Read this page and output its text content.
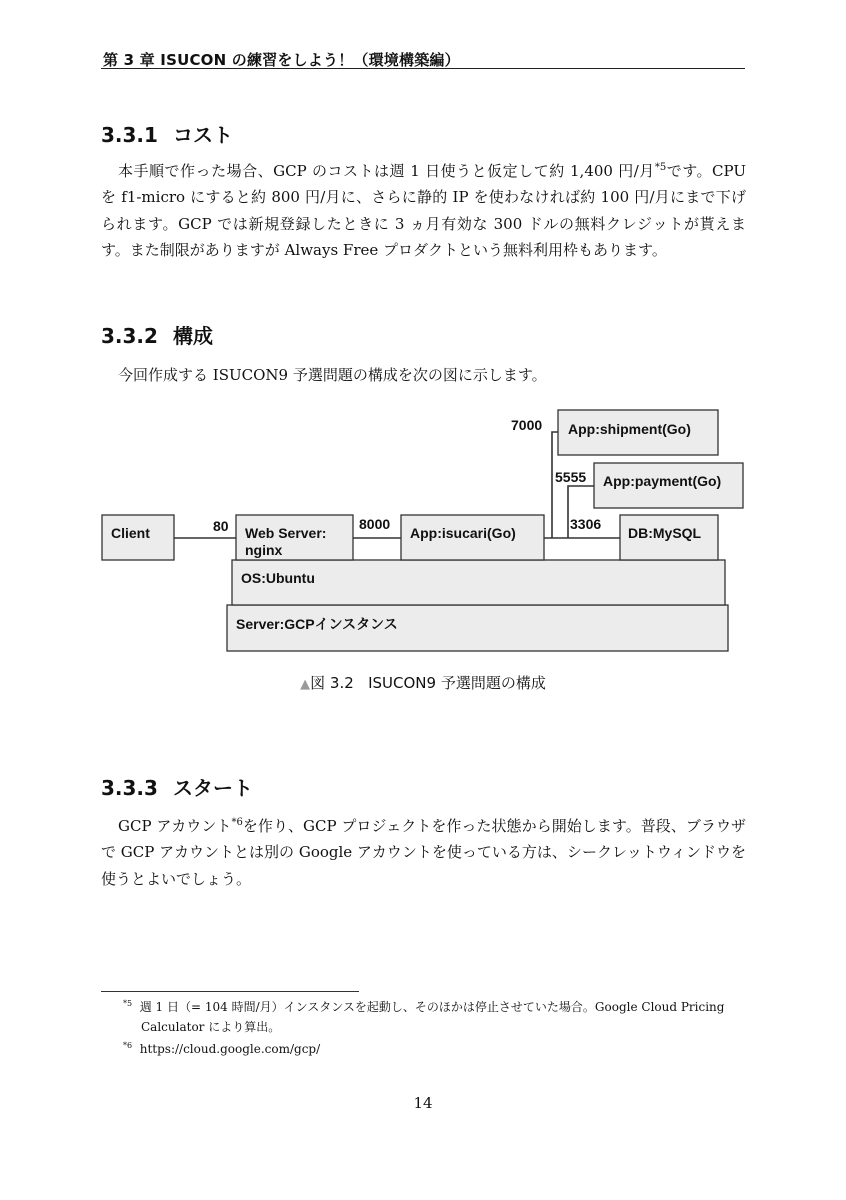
第 3 章 ISUCON の練習をしよう！（環境構築編）
3.3.1 コスト

本手順で作った場合、GCP のコストは週 1 日使うと仮定して約 1,400 円/月$^{*5}$です。CPU を f1-micro にすると約 800 円/月に、さらに静的 IP を使わなければ約 100 円/月にまで下げられます。GCP では新規登録したときに 3 ヵ月有効な 300 ドルの無料クレジットが貰えます。また制限がありますが Always Free プロダクトという無料利用枠もあります。

3.3.2 構成

今回作成する ISUCON9 予選問題の構成を次の図に示します。

Client	Web Server:
nginx
App:isucari(Go)	DB:MySQL
App:shipment(Go)
App:payment(Go)
OS:Ubuntu
Server:GCPインスタンス
80	8000
7000
5555
3306
▲図 3.2 ISUCON9 予選問題の構成
3.3.3 スタート

GCP アカウント$^{*6}$を作り、GCP プロジェクトを作った状態から開始します。普段、ブラウザで GCP アカウントとは別の Google アカウントを使っている方は、シークレットウィンドウを使うとよいでしょう。

$^{*5}$ 週 1 日（= 104 時間/月）インスタンスを起動し、そのほかは停止させていた場合。Google Cloud Pricing Calculator により算出。

$^{*6}$ https://cloud.google.com/gcp/

14
